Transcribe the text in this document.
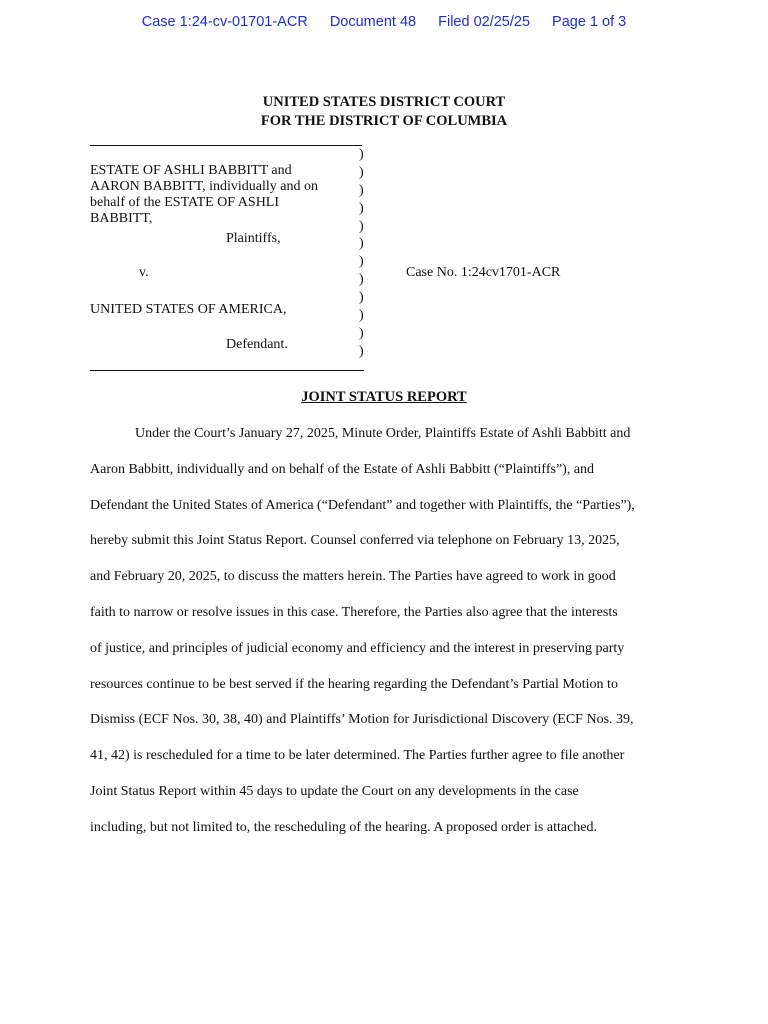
Case 1:24-cv-01701-ACR Document 48 Filed 02/25/25 Page 1 of 3
UNITED STATES DISTRICT COURT
FOR THE DISTRICT OF COLUMBIA
)
)
)
)
)
)
)
)
)
)
)
)
ESTATE OF ASHLI BABBITT and
AARON BABBITT, individually and on
behalf of the ESTATE OF ASHLI
BABBITT,
Plaintiffs,
v.
UNITED STATES OF AMERICA,
Defendant.
Case No. 1:24cv1701-ACR
JOINT STATUS REPORT
Under the Court’s January 27, 2025, Minute Order, Plaintiffs Estate of Ashli Babbitt and
Aaron Babbitt, individually and on behalf of the Estate of Ashli Babbitt (“Plaintiffs”), and
Defendant the United States of America (“Defendant” and together with Plaintiffs, the “Parties”),
hereby submit this Joint Status Report. Counsel conferred via telephone on February 13, 2025,
and February 20, 2025, to discuss the matters herein. The Parties have agreed to work in good
faith to narrow or resolve issues in this case. Therefore, the Parties also agree that the interests
of justice, and principles of judicial economy and efficiency and the interest in preserving party
resources continue to be best served if the hearing regarding the Defendant’s Partial Motion to
Dismiss (ECF Nos. 30, 38, 40) and Plaintiffs’ Motion for Jurisdictional Discovery (ECF Nos. 39,
41, 42) is rescheduled for a time to be later determined. The Parties further agree to file another
Joint Status Report within 45 days to update the Court on any developments in the case
including, but not limited to, the rescheduling of the hearing. A proposed order is attached.
